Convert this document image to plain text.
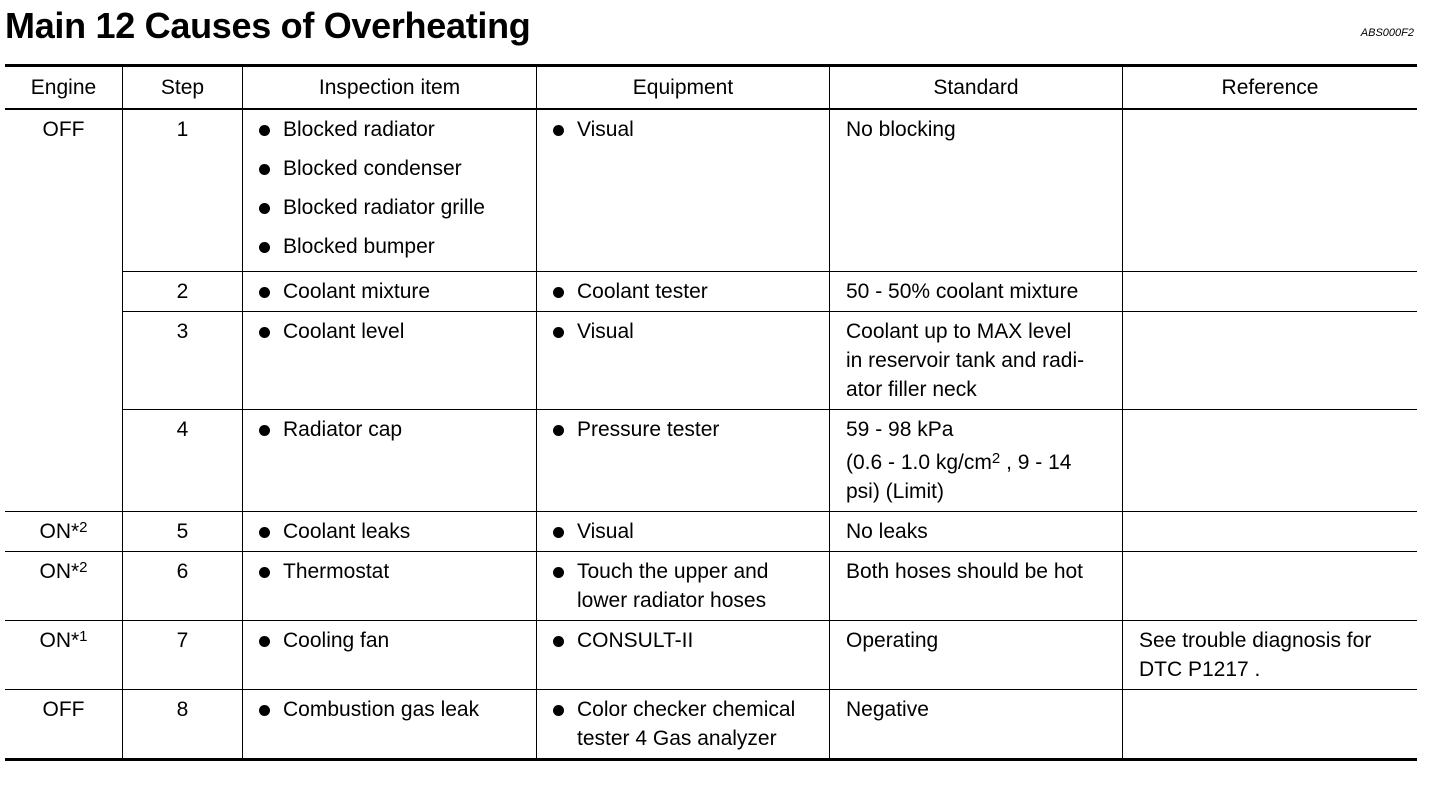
Main 12 Causes of Overheating	ABS000F2
Engine	Step	Inspection item	Equipment	Standard	Reference
OFF	1	Blocked radiator
Blocked condenser
Blocked radiator grille
Blocked bumper	Visual	No blocking	

	2	Coolant mixture	Coolant tester	50 - 50% coolant mixture	

	3	Coolant level	Visual	Coolant up to MAX level
in reservoir tank and radi-
ator filler neck	

	4	Radiator cap	Pressure tester	59 - 98 kPa
(0.6 - 1.0 $kg/cm^2$ , 9 - 14
psi) (Limit)	

ON*$^2$	5	Coolant leaks	Visual	No leaks	

ON*$^2$	6	Thermostat	Touch the upper and
lower radiator hoses	Both hoses should be hot	

ON*$^1$	7	Cooling fan	CONSULT-II	Operating	See trouble diagnosis for
DTC P1217 .

OFF	8	Combustion gas leak	Color checker chemical
tester 4 Gas analyzer	Negative	
